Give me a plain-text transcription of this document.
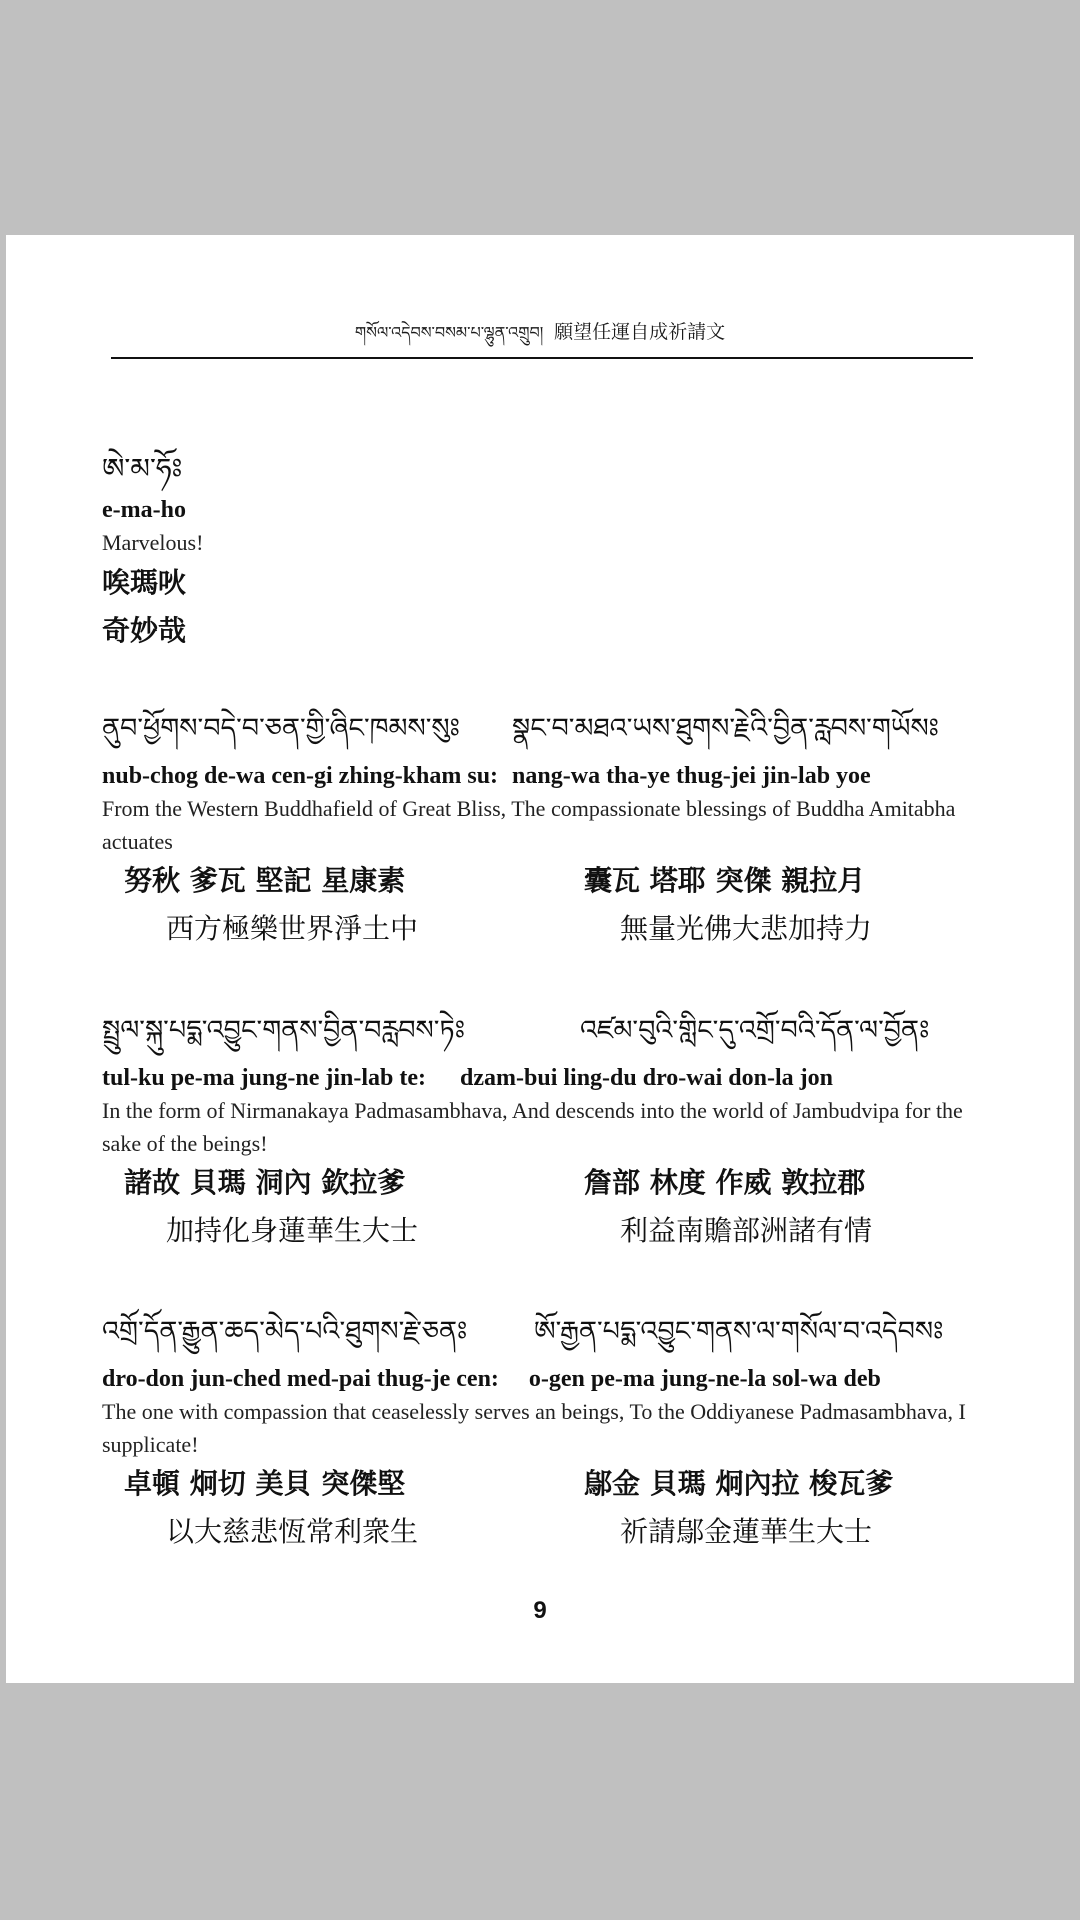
གསོལ་འདེབས་བསམ་པ་ལྷུན་འགྲུབ། 願望任運自成祈請文
9
ཨེ་མ་ཧོཿ
e-ma-ho
Marvelous!
唉瑪吙
奇妙哉
ནུབ་ཕྱོགས་བདེ་བ་ཅན་གྱི་ཞིང་ཁམས་སུཿ སྣང་བ་མཐའ་ཡས་ཐུགས་རྗེའི་བྱིན་རླབས་གཡོསཿ
nub-chog de-wa cen-gi zhing-kham su: nang-wa tha-ye thug-jei jin-lab yoe
From the Western Buddhafield of Great Bliss, The compassionate blessings of Buddha Amitabha actuates
努秋 爹瓦 堅記 星康素	囊瓦 塔耶 突傑 親拉月
西方極樂世界淨土中	無量光佛大悲加持力
སྤྲུལ་སྐུ་པདྨ་འབྱུང་གནས་བྱིན་བརླབས་ཏེཿ	འཛམ་བུའི་གླིང་དུ་འགྲོ་བའི་དོན་ལ་བྱོནཿ
tul-ku pe-ma jung-ne jin-lab te: dzam-bui ling-du dro-wai don-la jon
In the form of Nirmanakaya Padmasambhava, And descends into the world of Jambudvipa for the sake of the beings!
諸故 貝瑪 洞內 欽拉爹	詹部 林度 作威 敦拉郡
加持化身蓮華生大士	利益南贍部洲諸有情
འགྲོ་དོན་རྒྱུན་ཆད་མེད་པའི་ཐུགས་རྗེ་ཅནཿ ཨོ་རྒྱན་པདྨ་འབྱུང་གནས་ལ་གསོལ་བ་འདེབསཿ
dro-don jun-ched med-pai thug-je cen: o-gen pe-ma jung-ne-la sol-wa deb
The one with compassion that ceaselessly serves an beings, To the Oddiyanese Padmasambhava, I supplicate!
卓頓 炯切 美貝 突傑堅	鄔金 貝瑪 炯內拉 梭瓦爹
以大慈悲恆常利衆生	祈請鄔金蓮華生大士
